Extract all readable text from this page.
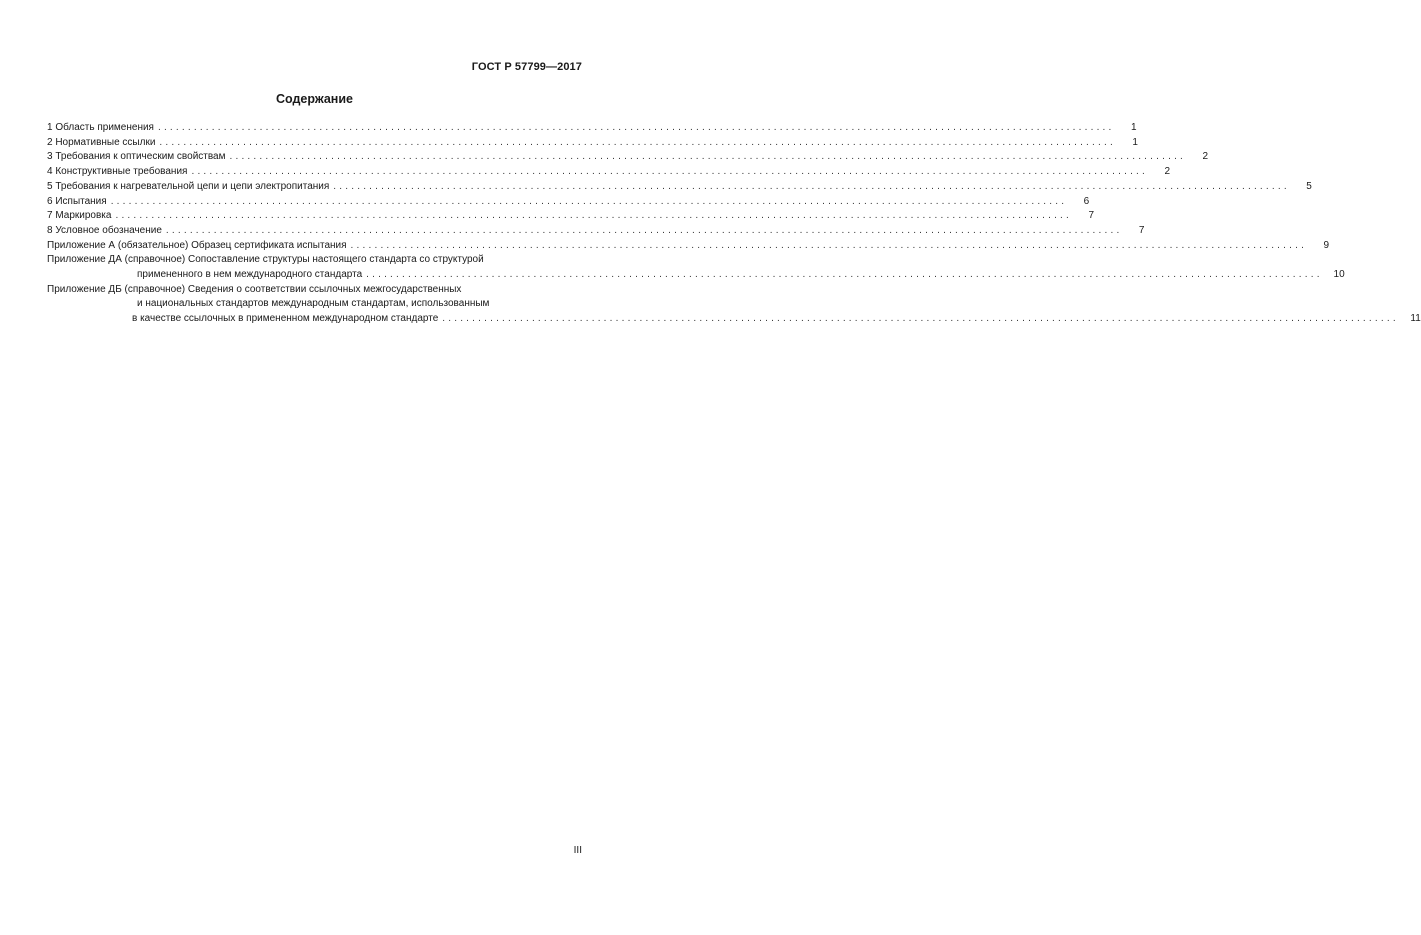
ГОСТ Р 57799—2017
Содержание
1 Область применения ................................................................................................................................................................	1
2 Нормативные ссылки ................................................................................................................................................................	1
3 Требования к оптическим свойствам ................................................................................................................................................................	2
4 Конструктивные требования ................................................................................................................................................................	2
5 Требования к нагревательной цепи и цепи электропитания ................................................................................................................................................................	5
6 Испытания ................................................................................................................................................................	6
7 Маркировка ................................................................................................................................................................	7
8 Условное обозначение ................................................................................................................................................................	7
Приложение А (обязательное) Образец сертификата испытания ................................................................................................................................................................	9
Приложение ДА (справочное) Сопоставление структуры настоящего стандарта со структурой
примененного в нем международного стандарта ................................................................................................................................................................	10
Приложение ДБ (справочное) Сведения о соответствии ссылочных межгосударственных
и национальных стандартов международным стандартам, использованным
в качестве ссылочных в примененном международном стандарте ................................................................................................................................................................	11
III
